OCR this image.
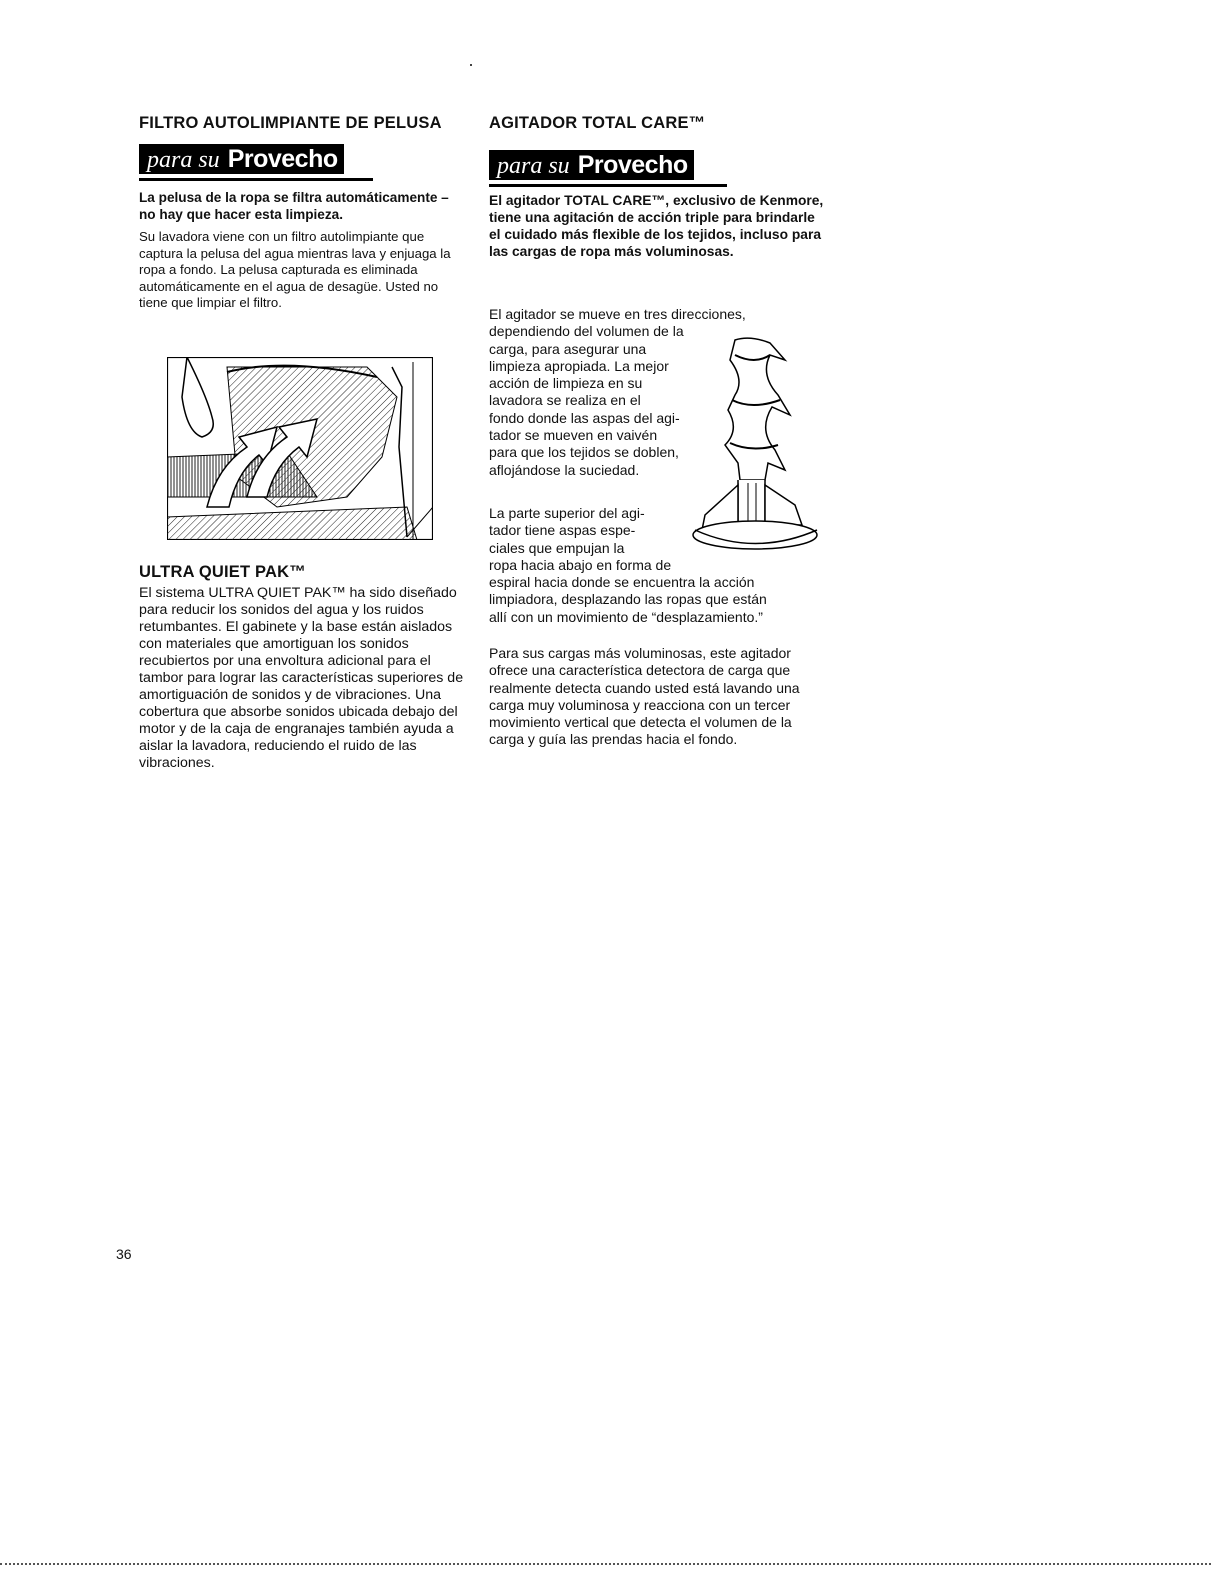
FILTRO AUTOLIMPIANTE DE PELUSA
para su Provecho

La pelusa de la ropa se filtra automáticamente – no hay que hacer esta limpieza.

Su lavadora viene con un filtro autolimpiante que captura la pelusa del agua mientras lava y enjuaga la ropa a fondo. La pelusa capturada es eliminada automáticamente en el agua de desagüe. Usted no tiene que limpiar el filtro.

ULTRA QUIET PAK™

El sistema ULTRA QUIET PAK™ ha sido diseñado para reducir los sonidos del agua y los ruidos retumbantes. El gabinete y la base están aislados con materiales que amortiguan los sonidos recubiertos por una envoltura adicional para el tambor para lograr las características superiores de amortiguación de sonidos y de vibraciones. Una cobertura que absorbe sonidos ubicada debajo del motor y de la caja de engranajes también ayuda a aislar la lavadora, reduciendo el ruido de las vibraciones.

AGITADOR TOTAL CARE™
para su Provecho

El agitador TOTAL CARE™, exclusivo de Kenmore, tiene una agitación de acción triple para brindarle el cuidado más flexible de los tejidos, incluso para las cargas de ropa más voluminosas.

El agitador se mueve en tres direcciones,
dependiendo del volumen de la
carga, para asegurar una
limpieza apropiada. La mejor
acción de limpieza en su
lavadora se realiza en el
fondo donde las aspas del agi-
tador se mueven en vaivén
para que los tejidos se doblen,
aflojándose la suciedad.
La parte superior del agi-
tador tiene aspas espe-
ciales que empujan la
ropa hacia abajo en forma de
espiral hacia donde se encuentra la acción
limpiadora, desplazando las ropas que están
allí con un movimiento de “desplazamiento.”

Para sus cargas más voluminosas, este agitador ofrece una característica detectora de carga que realmente detecta cuando usted está lavando una carga muy voluminosa y reacciona con un tercer movimiento vertical que detecta el volumen de la carga y guía las prendas hacia el fondo.

36
